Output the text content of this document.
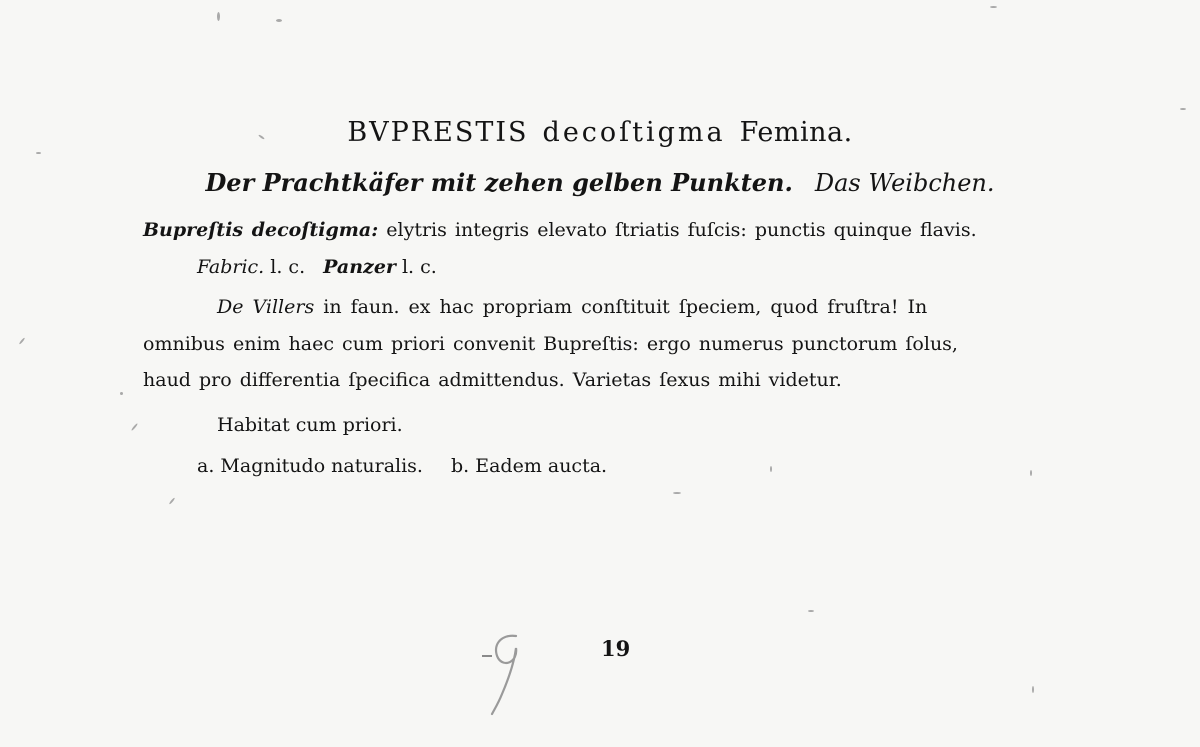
BVPRESTIS decoſtigma Femina.
Der Prachtkäfer mit zehen gelben Punkten. Das Weibchen.
Bupreſtis decoſtigma: elytris integris elevato ſtriatis fuſcis: punctis quinque flavis.
Fabric. l. c. Panzer l. c.
De Villers in faun. ex hac propriam conſtituit ſpeciem, quod fruſtra! In
omnibus enim haec cum priori convenit Bupreſtis: ergo numerus punctorum ſolus,
haud pro differentia ſpecifica admittendus. Varietas ſexus mihi videtur.
Habitat cum priori.
a. Magnitudo naturalis. b. Eadem aucta.
19
